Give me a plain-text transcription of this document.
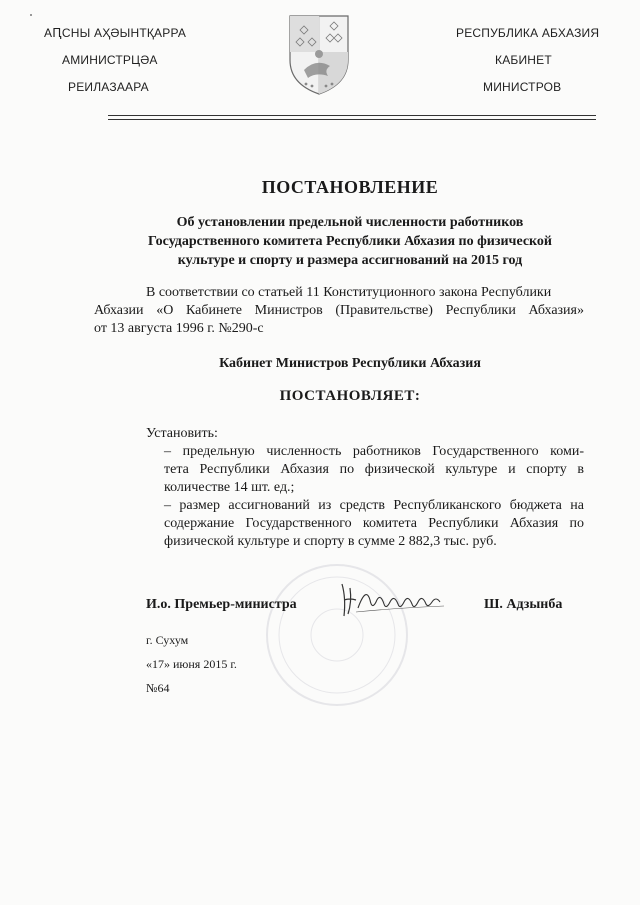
АԤСНЫ АҲӘЫНТҚАРРА
АМИНИСТРЦӘА
РЕИЛАЗААРА
РЕСПУБЛИКА АБХАЗИЯ
КАБИНЕТ
МИНИСТРОВ
ПОСТАНОВЛЕНИЕ
Об установлении предельной численности работников
Государственного комитета Республики Абхазия по физической
культуре и спорту и размера ассигнований на 2015 год
В соответствии со статьей 11 Конституционного закона Республики
Абхазии «О Кабинете Министров (Правительстве) Республики Абхазия»
от 13 августа 1996 г. №290-с
Кабинет Министров Республики Абхазия
ПОСТАНОВЛЯЕТ:
Установить:
– предельную численность работников Государственного коми-
тета Республики Абхазия по физической культуре и спорту в
количестве 14 шт. ед.;
– размер ассигнований из средств Республиканского бюджета на
содержание Государственного комитета Республики Абхазия по
физической культуре и спорту в сумме 2 882,3 тыс. руб.
И.о. Премьер-министра	Ш. Адзынба
г. Сухум
«17» июня 2015 г.
№64
